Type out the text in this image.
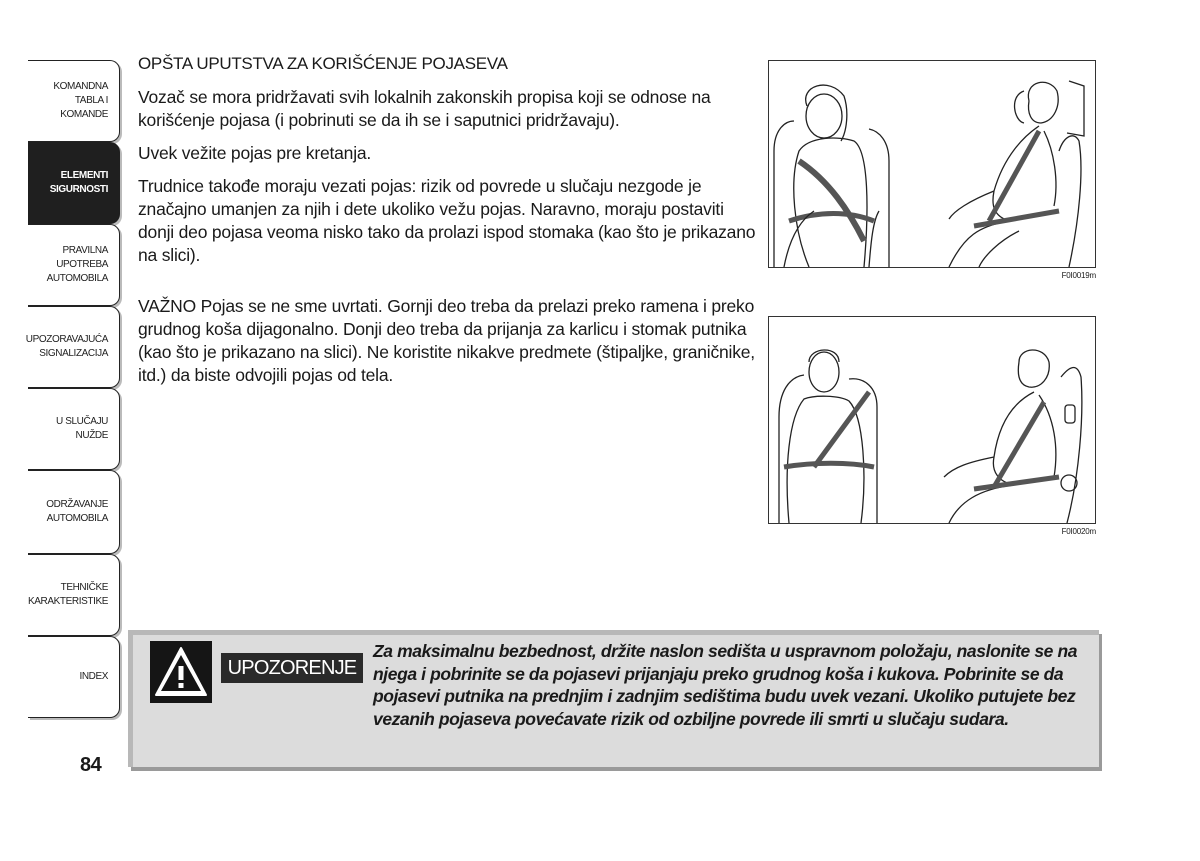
KOMANDNA
TABLA I
KOMANDE
ELEMENTI
SIGURNOSTI
PRAVILNA
UPOTREBA
AUTOMOBILA
UPOZORAVAJUĆA
SIGNALIZACIJA
U SLUČAJU
NUŽDE
ODRŽAVANJE
AUTOMOBILA
TEHNIČKE
KARAKTERISTIKE
INDEX
84
OPŠTA UPUTSTVA ZA KORIŠĆENJE POJASEVA

Vozač se mora pridržavati svih lokalnih zakonskih propisa koji se odnose na korišćenje pojasa (i pobrinuti se da ih se i saputnici pridržavaju).

Uvek vežite pojas pre kretanja.

Trudnice takođe moraju vezati pojas: rizik od povrede u slučaju nezgode je značajno umanjen za njih i dete ukoliko vežu pojas. Naravno, moraju postaviti donji deo pojasa veoma nisko tako da prolazi ispod stomaka (kao što je prikazano na slici).

VAŽNO Pojas se ne sme uvrtati. Gornji deo treba da prelazi preko ramena i preko grudnog koša dijagonalno. Donji deo treba da prijanja za karlicu i stomak putnika (kao što je prikazano na slici). Ne koristite nikakve predmete (štipaljke, graničnike, itd.) da biste odvojili pojas od tela.

F0I0019m
F0I0020m
UPOZORENJE
Za maksimalnu bezbednost, držite naslon sedišta u uspravnom položaju, naslonite se na njega i pobrinite se da pojasevi prijanjaju preko grudnog koša i kukova. Pobrinite se da pojasevi putnika na prednjim i zadnjim sedištima budu uvek vezani. Ukoliko putujete bez vezanih pojaseva povećavate rizik od ozbiljne povrede ili smrti u slučaju sudara.
